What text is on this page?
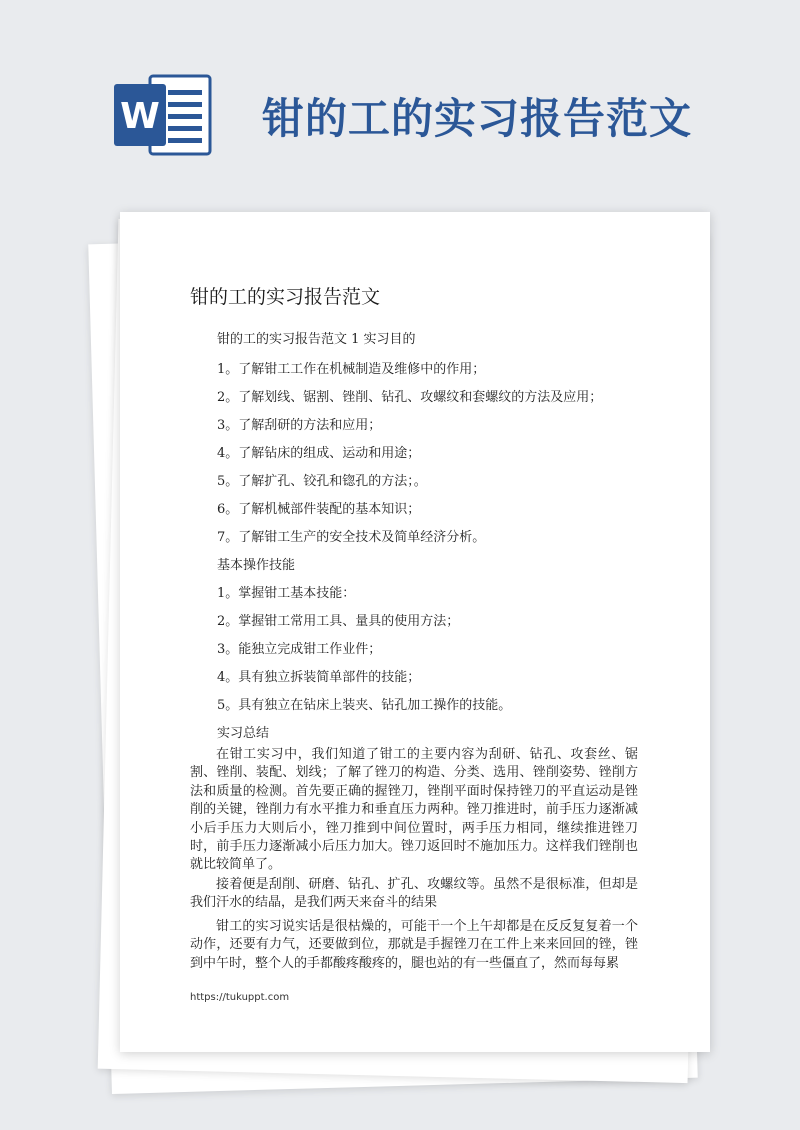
W 钳的工的实习报告范文
钳的工的实习报告范文
钳的工的实习报告范文 1 实习目的
1。了解钳工工作在机械制造及维修中的作用；
2。了解划线、锯割、锉削、钻孔、攻螺纹和套螺纹的方法及应用；
3。了解刮研的方法和应用；
4。了解钻床的组成、运动和用途；
5。了解扩孔、铰孔和锪孔的方法；。
6。了解机械部件装配的基本知识；
7。了解钳工生产的安全技术及简单经济分析。
基本操作技能
1。掌握钳工基本技能：
2。掌握钳工常用工具、量具的使用方法；
3。能独立完成钳工作业件；
4。具有独立拆装简单部件的技能；
5。具有独立在钻床上装夹、钻孔加工操作的技能。
实习总结

在钳工实习中，我们知道了钳工的主要内容为刮研、钻孔、攻套丝、锯割、锉削、装配、划线；了解了锉刀的构造、分类、选用、锉削姿势、锉削方法和质量的检测。首先要正确的握锉刀，锉削平面时保持锉刀的平直运动是锉削的关键，锉削力有水平推力和垂直压力两种。锉刀推进时，前手压力逐渐减小后手压力大则后小，锉刀推到中间位置时，两手压力相同，继续推进锉刀时，前手压力逐渐减小后压力加大。锉刀返回时不施加压力。这样我们锉削也就比较简单了。

接着便是刮削、研磨、钻孔、扩孔、攻螺纹等。虽然不是很标准，但却是我们汗水的结晶，是我们两天来奋斗的结果

钳工的实习说实话是很枯燥的，可能干一个上午却都是在反反复复着一个动作，还要有力气，还要做到位，那就是手握锉刀在工件上来来回回的锉，锉到中午时，整个人的手都酸疼酸疼的，腿也站的有一些僵直了，然而每每累

https://tukuppt.com
